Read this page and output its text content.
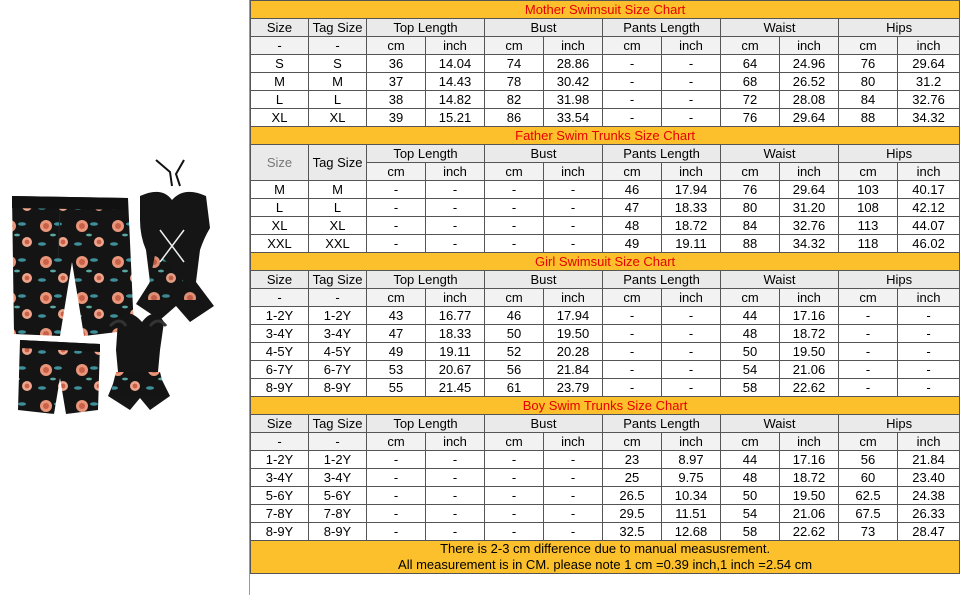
Mother Swimsuit Size Chart											
Size	Tag Size	Top Length		Bust		Pants Length		Waist		Hips	
-	-	cm	inch	cm	inch	cm	inch	cm	inch	cm	inch
S	S	36	14.04	74	28.86	-	-	64	24.96	76	29.64
M	M	37	14.43	78	30.42	-	-	68	26.52	80	31.2
L	L	38	14.82	82	31.98	-	-	72	28.08	84	32.76
XL	XL	39	15.21	86	33.54	-	-	76	29.64	88	34.32
Father Swim Trunks Size Chart											
Size	Tag Size	Top Length		Bust		Pants Length		Waist		Hips	
		cm	inch	cm	inch	cm	inch	cm	inch	cm	inch
M	M	-	-	-	-	46	17.94	76	29.64	103	40.17
L	L	-	-	-	-	47	18.33	80	31.20	108	42.12
XL	XL	-	-	-	-	48	18.72	84	32.76	113	44.07
XXL	XXL	-	-	-	-	49	19.11	88	34.32	118	46.02
Girl Swimsuit Size Chart											
Size	Tag Size	Top Length		Bust		Pants Length		Waist		Hips	
-	-	cm	inch	cm	inch	cm	inch	cm	inch	cm	inch
1-2Y	1-2Y	43	16.77	46	17.94	-	-	44	17.16	-	-
3-4Y	3-4Y	47	18.33	50	19.50	-	-	48	18.72	-	-
4-5Y	4-5Y	49	19.11	52	20.28	-	-	50	19.50	-	-
6-7Y	6-7Y	53	20.67	56	21.84	-	-	54	21.06	-	-
8-9Y	8-9Y	55	21.45	61	23.79	-	-	58	22.62	-	-
Boy Swim Trunks Size Chart											
Size	Tag Size	Top Length		Bust		Pants Length		Waist		Hips	
-	-	cm	inch	cm	inch	cm	inch	cm	inch	cm	inch
1-2Y	1-2Y	-	-	-	-	23	8.97	44	17.16	56	21.84
3-4Y	3-4Y	-	-	-	-	25	9.75	48	18.72	60	23.40
5-6Y	5-6Y	-	-	-	-	26.5	10.34	50	19.50	62.5	24.38
7-8Y	7-8Y	-	-	-	-	29.5	11.51	54	21.06	67.5	26.33
8-9Y	8-9Y	-	-	-	-	32.5	12.68	58	22.62	73	28.47

There is 2-3 cm difference due to manual measusrement.
All measurement is in CM. please note 1 cm =0.39 inch,1 inch =2.54 cm											
